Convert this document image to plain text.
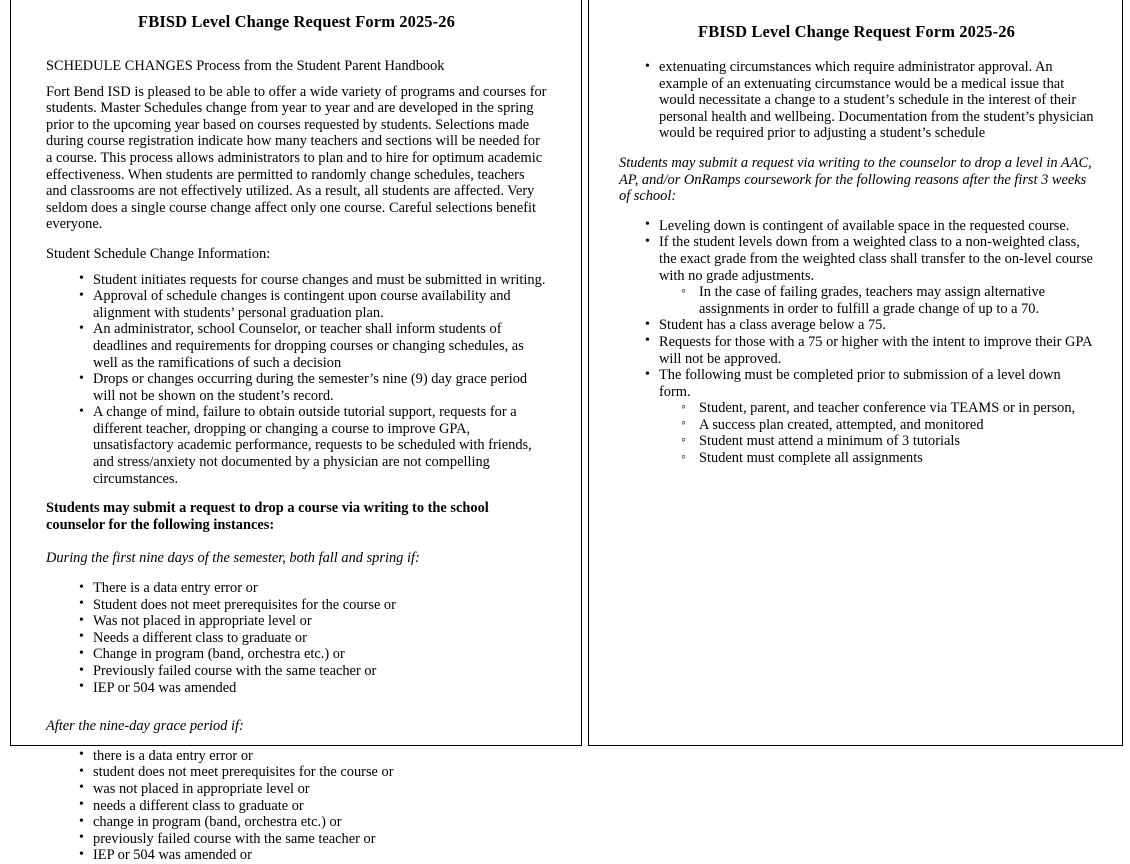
FBISD Level Change Request Form 2025-26

SCHEDULE CHANGES Process from the Student Parent Handbook

Fort Bend ISD is pleased to be able to offer a wide variety of programs and courses for students. Master Schedules change from year to year and are developed in the spring prior to the upcoming year based on courses requested by students. Selections made during course registration indicate how many teachers and sections will be needed for a course. This process allows administrators to plan and to hire for optimum academic effectiveness. When students are permitted to randomly change schedules, teachers and classrooms are not effectively utilized. As a result, all students are affected. Very seldom does a single course change affect only one course. Careful selections benefit everyone.

Student Schedule Change Information:

• Student initiates requests for course changes and must be submitted in writing.
• Approval of schedule changes is contingent upon course availability and alignment with students’ personal graduation plan.
• An administrator, school Counselor, or teacher shall inform students of deadlines and requirements for dropping courses or changing schedules, as well as the ramifications of such a decision
• Drops or changes occurring during the semester’s nine (9) day grace period will not be shown on the student’s record.
• A change of mind, failure to obtain outside tutorial support, requests for a different teacher, dropping or changing a course to improve GPA, unsatisfactory academic performance, requests to be scheduled with friends, and stress/anxiety not documented by a physician are not compelling circumstances.

Students may submit a request to drop a course via writing to the school counselor for the following instances:

During the first nine days of the semester, both fall and spring if:

• There is a data entry error or
• Student does not meet prerequisites for the course or
• Was not placed in appropriate level or
• Needs a different class to graduate or
• Change in program (band, orchestra etc.) or
• Previously failed course with the same teacher or
• IEP or 504 was amended

After the nine-day grace period if:

• there is a data entry error or
• student does not meet prerequisites for the course or
• was not placed in appropriate level or
• needs a different class to graduate or
• change in program (band, orchestra etc.) or
• previously failed course with the same teacher or
• IEP or 504 was amended or
FBISD Level Change Request Form 2025-26
• extenuating circumstances which require administrator approval. An example of an extenuating circumstance would be a medical issue that would necessitate a change to a student’s schedule in the interest of their personal health and wellbeing. Documentation from the student’s physician would be required prior to adjusting a student’s schedule

Students may submit a request via writing to the counselor to drop a level in AAC, AP, and/or OnRamps coursework for the following reasons after the first 3 weeks of school:

• Leveling down is contingent of available space in the requested course.
• If the student levels down from a weighted class to a non-weighted class, the exact grade from the weighted class shall transfer to the on-level course with no grade adjustments.
◦ In the case of failing grades, teachers may assign alternative assignments in order to fulfill a grade change of up to a 70.
• Student has a class average below a 75.
• Requests for those with a 75 or higher with the intent to improve their GPA will not be approved.
• The following must be completed prior to submission of a level down form.
◦ Student, parent, and teacher conference via TEAMS or in person,
◦ A success plan created, attempted, and monitored
◦ Student must attend a minimum of 3 tutorials
◦ Student must complete all assignments
